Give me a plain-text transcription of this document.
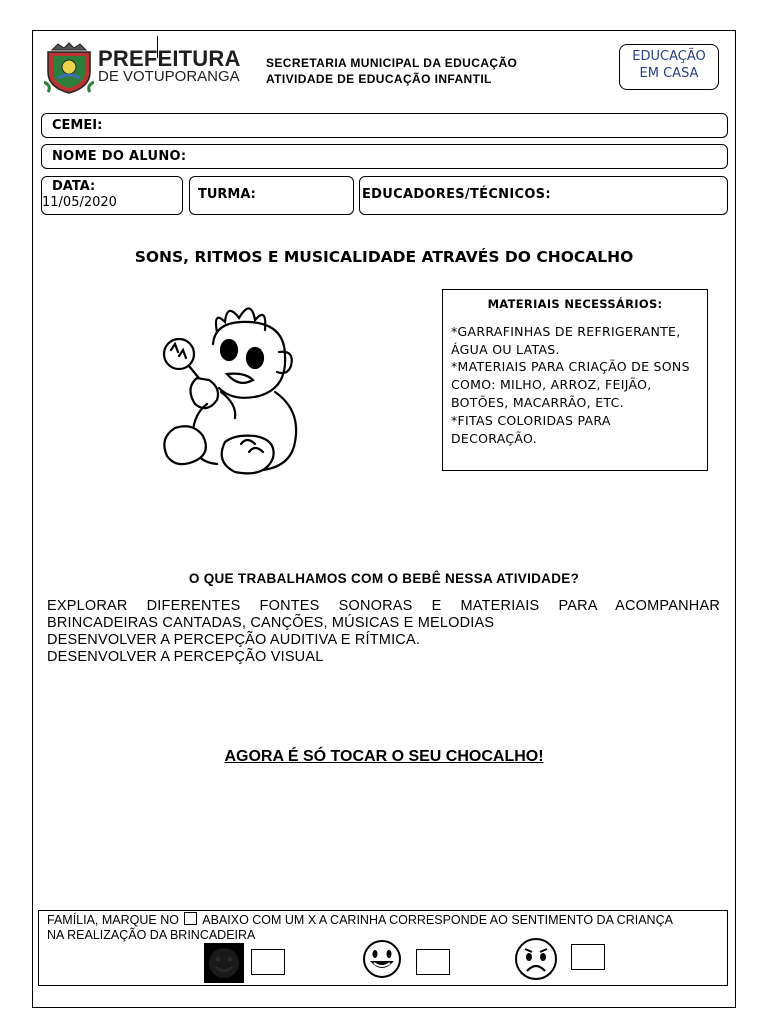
PREFEITURA
DE VOTUPORANGA
SECRETARIA MUNICIPAL DA EDUCAÇÃO
ATIVIDADE DE EDUCAÇÃO INFANTIL
EDUCAÇÃO
EM CASA
CEMEI:
NOME DO ALUNO:
DATA:
11/05/2020
TURMA:	EDUCADORES/TÉCNICOS:
SONS, RITMOS E MUSICALIDADE ATRAVÉS DO CHOCALHO
MATERIAIS NECESSÁRIOS:
*GARRAFINHAS DE REFRIGERANTE, ÁGUA OU LATAS.
*MATERIAIS PARA CRIAÇÃO DE SONS COMO: MILHO, ARROZ, FEIJÃO, BOTÕES, MACARRÃO, ETC.
*FITAS COLORIDAS PARA DECORAÇÃO.
O QUE TRABALHAMOS COM O BEBÊ NESSA ATIVIDADE?

EXPLORAR DIFERENTES FONTES SONORAS E MATERIAIS PARA ACOMPANHAR

BRINCADEIRAS CANTADAS, CANÇÕES, MÚSICAS E MELODIAS

DESENVOLVER A PERCEPÇÃO AUDITIVA E RÍTMICA.

DESENVOLVER A PERCEPÇÃO VISUAL

AGORA É SÓ TOCAR O SEU CHOCALHO!
FAMÍLIA, MARQUE NO ABAIXO COM UM X A CARINHA CORRESPONDE AO SENTIMENTO DA CRIANÇA
NA REALIZAÇÃO DA BRINCADEIRA
